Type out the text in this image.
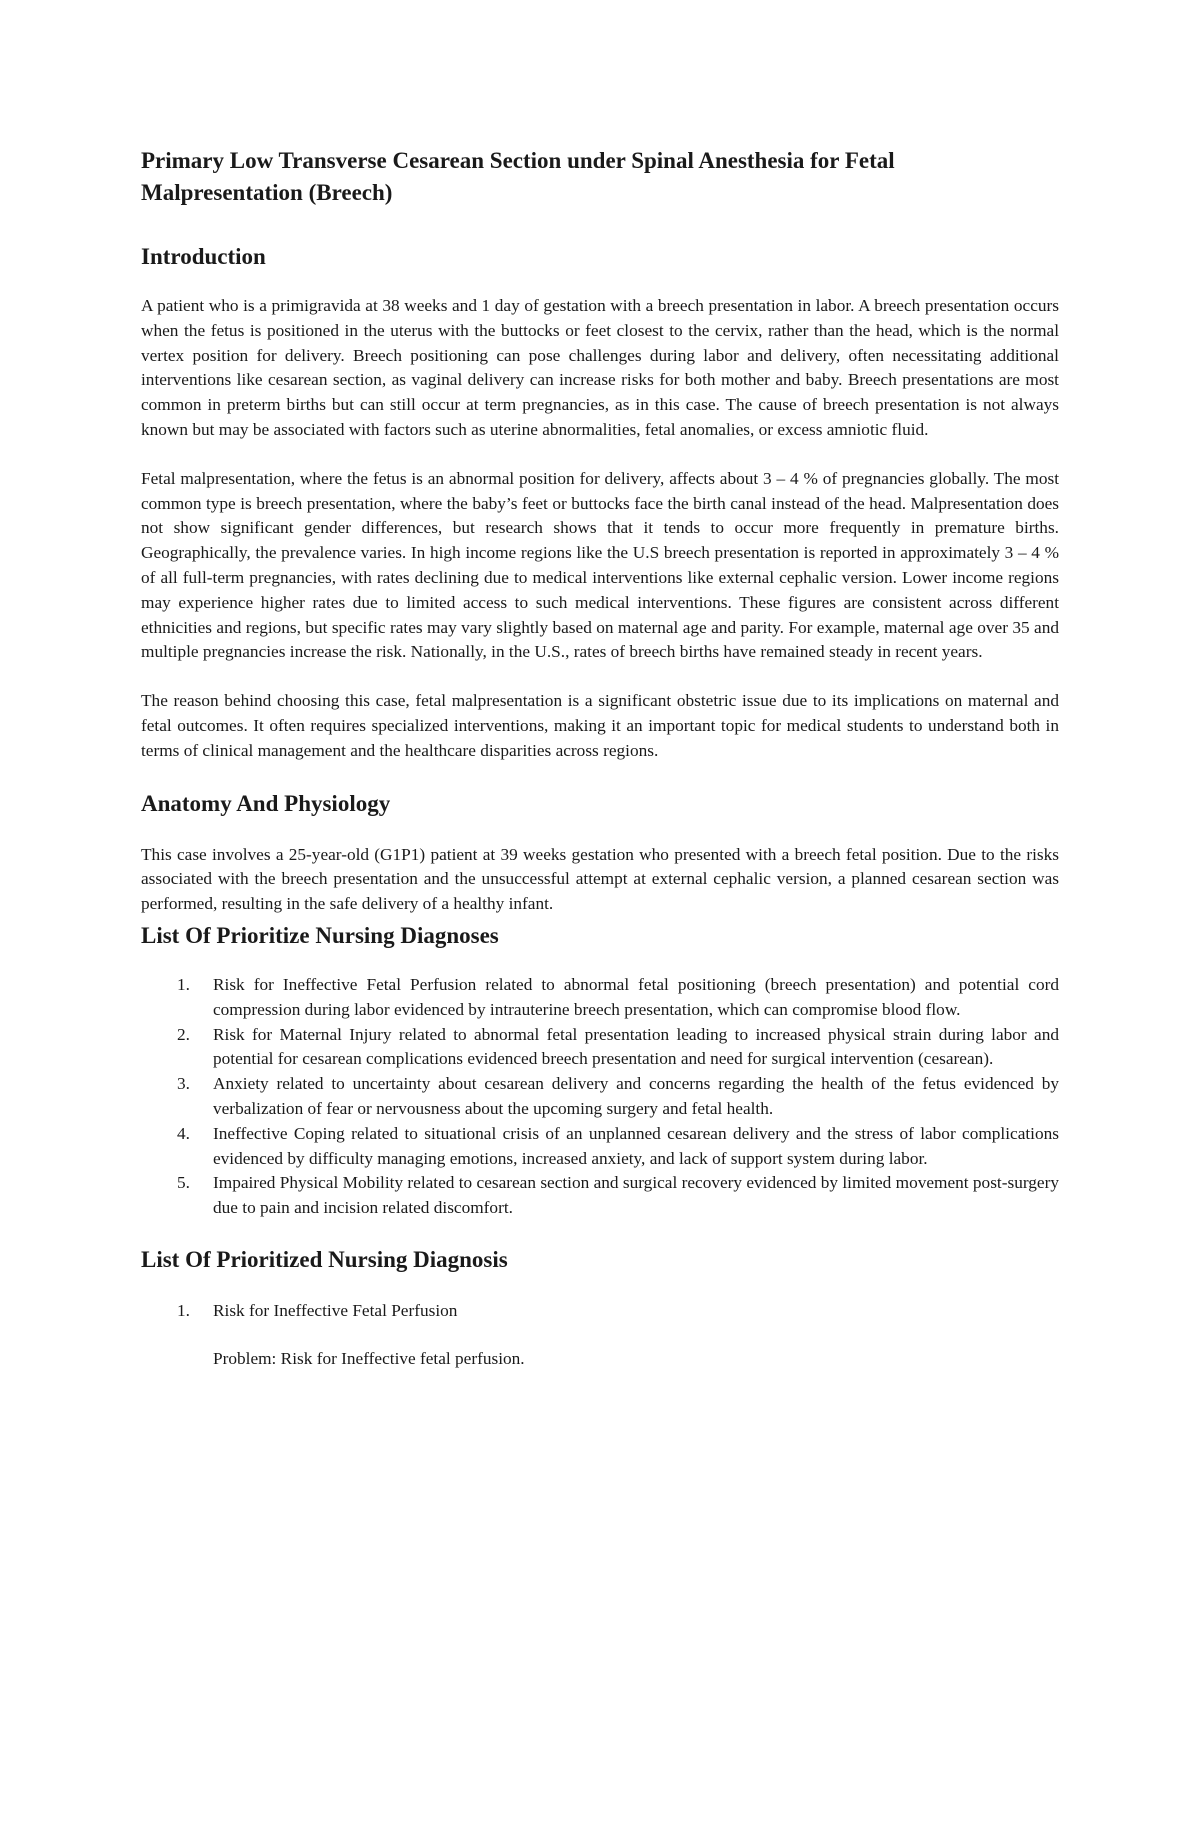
Primary Low Transverse Cesarean Section under Spinal Anesthesia for Fetal Malpresentation (Breech)
Introduction

A patient who is a primigravida at 38 weeks and 1 day of gestation with a breech presentation in labor. A breech presentation occurs when the fetus is positioned in the uterus with the buttocks or feet closest to the cervix, rather than the head, which is the normal vertex position for delivery. Breech positioning can pose challenges during labor and delivery, often necessitating additional interventions like cesarean section, as vaginal delivery can increase risks for both mother and baby. Breech presentations are most common in preterm births but can still occur at term pregnancies, as in this case. The cause of breech presentation is not always known but may be associated with factors such as uterine abnormalities, fetal anomalies, or excess amniotic fluid.

Fetal malpresentation, where the fetus is an abnormal position for delivery, affects about 3 – 4 % of pregnancies globally. The most common type is breech presentation, where the baby’s feet or buttocks face the birth canal instead of the head. Malpresentation does not show significant gender differences, but research shows that it tends to occur more frequently in premature births. Geographically, the prevalence varies. In high income regions like the U.S breech presentation is reported in approximately 3 – 4 % of all full-term pregnancies, with rates declining due to medical interventions like external cephalic version. Lower income regions may experience higher rates due to limited access to such medical interventions. These figures are consistent across different ethnicities and regions, but specific rates may vary slightly based on maternal age and parity. For example, maternal age over 35 and multiple pregnancies increase the risk. Nationally, in the U.S., rates of breech births have remained steady in recent years.

The reason behind choosing this case, fetal malpresentation is a significant obstetric issue due to its implications on maternal and fetal outcomes. It often requires specialized interventions, making it an important topic for medical students to understand both in terms of clinical management and the healthcare disparities across regions.

Anatomy And Physiology

This case involves a 25-year-old (G1P1) patient at 39 weeks gestation who presented with a breech fetal position. Due to the risks associated with the breech presentation and the unsuccessful attempt at external cephalic version, a planned cesarean section was performed, resulting in the safe delivery of a healthy infant.

List Of Prioritize Nursing Diagnoses
1. Risk for Ineffective Fetal Perfusion related to abnormal fetal positioning (breech presentation) and potential cord compression during labor evidenced by intrauterine breech presentation, which can compromise blood flow.
2. Risk for Maternal Injury related to abnormal fetal presentation leading to increased physical strain during labor and potential for cesarean complications evidenced breech presentation and need for surgical intervention (cesarean).
3. Anxiety related to uncertainty about cesarean delivery and concerns regarding the health of the fetus evidenced by verbalization of fear or nervousness about the upcoming surgery and fetal health.
4. Ineffective Coping related to situational crisis of an unplanned cesarean delivery and the stress of labor complications evidenced by difficulty managing emotions, increased anxiety, and lack of support system during labor.
5. Impaired Physical Mobility related to cesarean section and surgical recovery evidenced by limited movement post-surgery due to pain and incision related discomfort.
List Of Prioritized Nursing Diagnosis
1. Risk for Ineffective Fetal Perfusion

Problem: Risk for Ineffective fetal perfusion.
